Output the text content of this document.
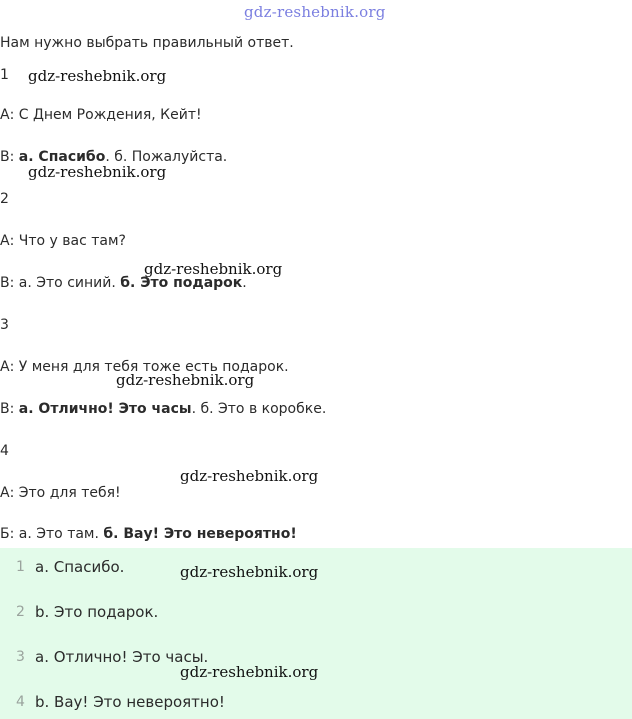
gdz-reshebnik.org
Нам нужно выбрать правильный ответ.
1
А: С Днем Рождения, Кейт!
В: а. Спасибо. б. Пожалуйста.
2
А: Что у вас там?
В: а. Это синий. б. Это подарок.
3
А: У меня для тебя тоже есть подарок.
В: а. Отлично! Это часы. б. Это в коробке.
4
А: Это для тебя!
Б: а. Это там. б. Вау! Это невероятно!
1 a. Спасибо.
2 b. Это подарок.
3 a. Отлично! Это часы.
4 b. Вау! Это невероятно!
gdz-reshebnik.org
gdz-reshebnik.org
gdz-reshebnik.org
gdz-reshebnik.org
gdz-reshebnik.org
gdz-reshebnik.org
gdz-reshebnik.org
